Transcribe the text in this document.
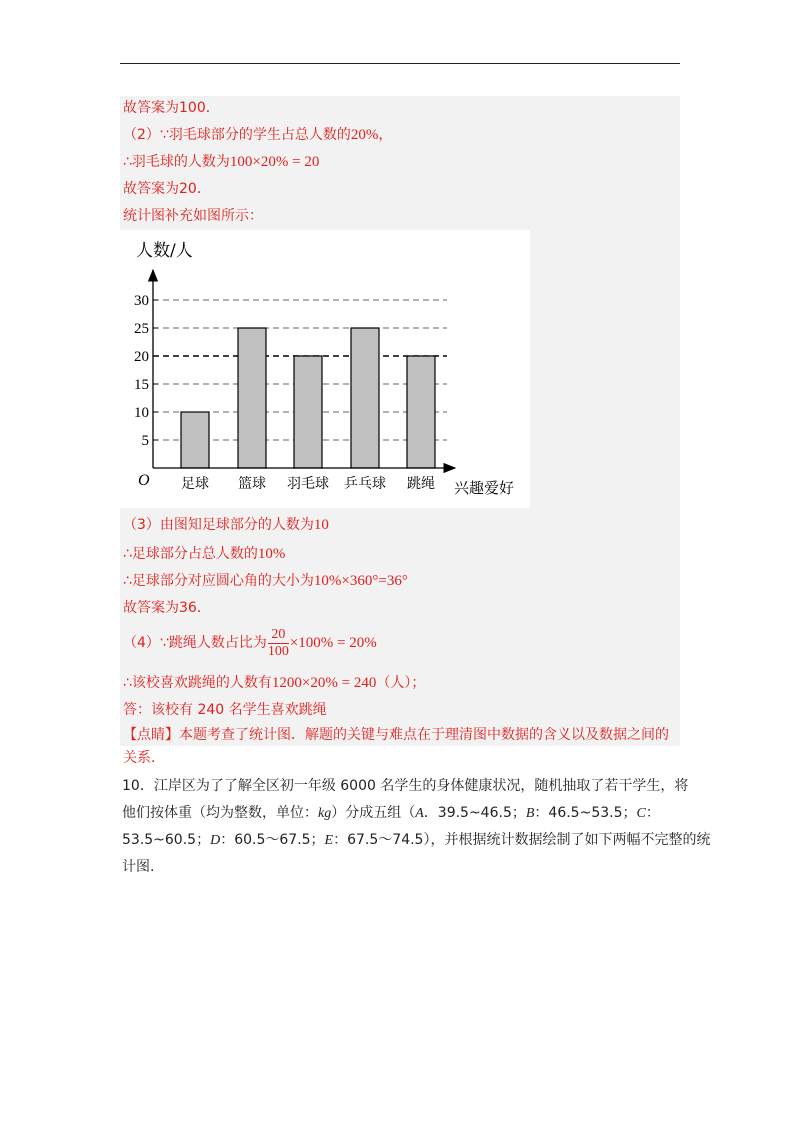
故答案为100．
（2）∵羽毛球部分的学生占总人数的20%，
∴羽毛球的人数为100×20% = 20
故答案为20．
统计图补充如图所示：
5
10
15
20
25
30
足球 篮球 羽毛球 乒乓球 跳绳
人数/人
兴趣爱好
O
（3）由图知足球部分的人数为10
∴足球部分占总人数的10%
∴足球部分对应圆心角的大小为10%×360°=36°
故答案为36．
（4）∵跳绳人数占比为 $\frac{20}{100} \times 100\% = 20\%$
∴该校喜欢跳绳的人数有1200×20% = 240（人）；
答：该校有 240 名学生喜欢跳绳
【点睛】本题考查了统计图．解题的关键与难点在于理清图中数据的含义以及数据之间的
关系．
10．江岸区为了了解全区初一年级 6000 名学生的身体健康状况，随机抽取了若干学生，将
他们按体重（均为整数，单位：kg）分成五组（A．39.5~46.5；B：46.5~53.5；C：
53.5~60.5；D：60.5～67.5；E：67.5～74.5），并根据统计数据绘制了如下两幅不完整的统
计图.
